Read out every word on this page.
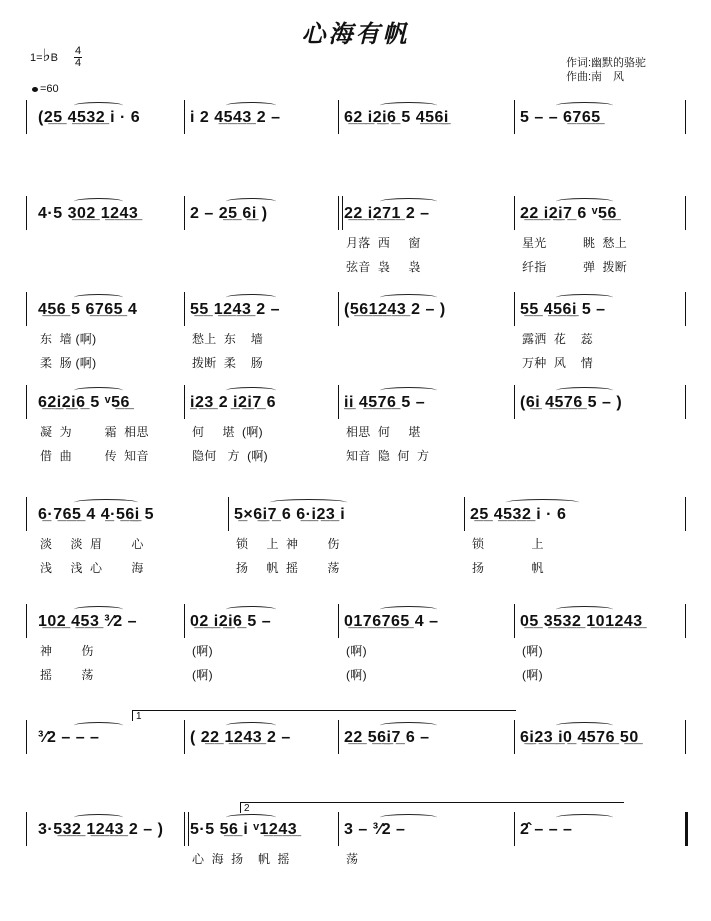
心海有帆
1=♭B
4
4
=60
作词:幽默的骆驼
作曲:南　风
(2̲5̲ 4̲5̲3̲2̲ i · 6	i 2 4̲5̲4̲3̲ 2 –	6̲2̲ i̲2̲i̲6̲ 5 4̲5̲6̲i̲	5 – – 6̲7̲6̲5̲
4·5 3̲0̲2̲ 1̲2̲4̲3̲	2 – 2̲5̲ 6̲i̲ )	2̲2̲ i̲2̲7̲1̲ 2 –	2̲2̲ i̲2̲i̲7̲ 6 ᵛ5̲6̲
月落  西     窗	星光          眺  愁上
弦音  袅     袅	纤指          弹  拨断
4̲5̲6̲ 5 6̲7̲6̲5̲ 4	5̲5̲ 1̲2̲4̲3̲ 2 –	(5̲6̲1̲2̲4̲3̲ 2 – )	5̲5̲ 4̲5̲6̲i̲ 5 –
东  墙 (啊)	愁上  东    墙	露洒  花    蕊
柔  肠 (啊)	拨断  柔    肠	万种  风    情
6̲2̲i̲2̲i̲6̲ 5 ᵛ5̲6̲	i̲2̲3̲ 2 i̲2̲i̲7̲ 6	i̲i̲ 4̲5̲7̲6̲ 5 –	(6̲i̲ 4̲5̲7̲6̲ 5 – )
凝  为         霜  相思	何     堪  (啊)	相思  何     堪
借  曲         传  知音	隐何   方  (啊)	知音  隐  何  方
6̲·7̲6̲5̲ 4 4̲·5̲6̲i̲ 5	5̲×6̲i̲7̲ 6 6̲·i̲2̲3̲ i	2̲5̲ 4̲5̲3̲2̲ i · 6
淡     淡  眉        心	锁     上  神        伤	锁             上
浅     浅  心        海	扬     帆  摇        荡	扬             帆
1̲0̲2̲ 4̲5̲3̲ ³⁄2 –	0̲2̲ i̲2̲i̲6̲ 5 –	0̲1̲7̲6̲7̲6̲5̲ 4 –	0̲5̲ 3̲5̲3̲2̲ 1̲0̲1̲2̲4̲3̲
神        伤	(啊)	(啊)	(啊)
摇        荡	(啊)	(啊)	(啊)
1
³⁄2 – – –	( 2̲2̲ 1̲2̲4̲3̲ 2 –	2̲2̲ 5̲6̲i̲7̲ 6 –	6̲i̲2̲3̲ i̲0̲ 4̲5̲7̲6̲ 5̲0̲
2
3·5̲3̲2̲ 1̲2̲4̲3̲ 2 – )	5·5 5̲6̲ i ᵛ1̲2̲4̲3̲	3 – ³⁄2 –	2̂ – – –
心  海  扬    帆  摇	荡
